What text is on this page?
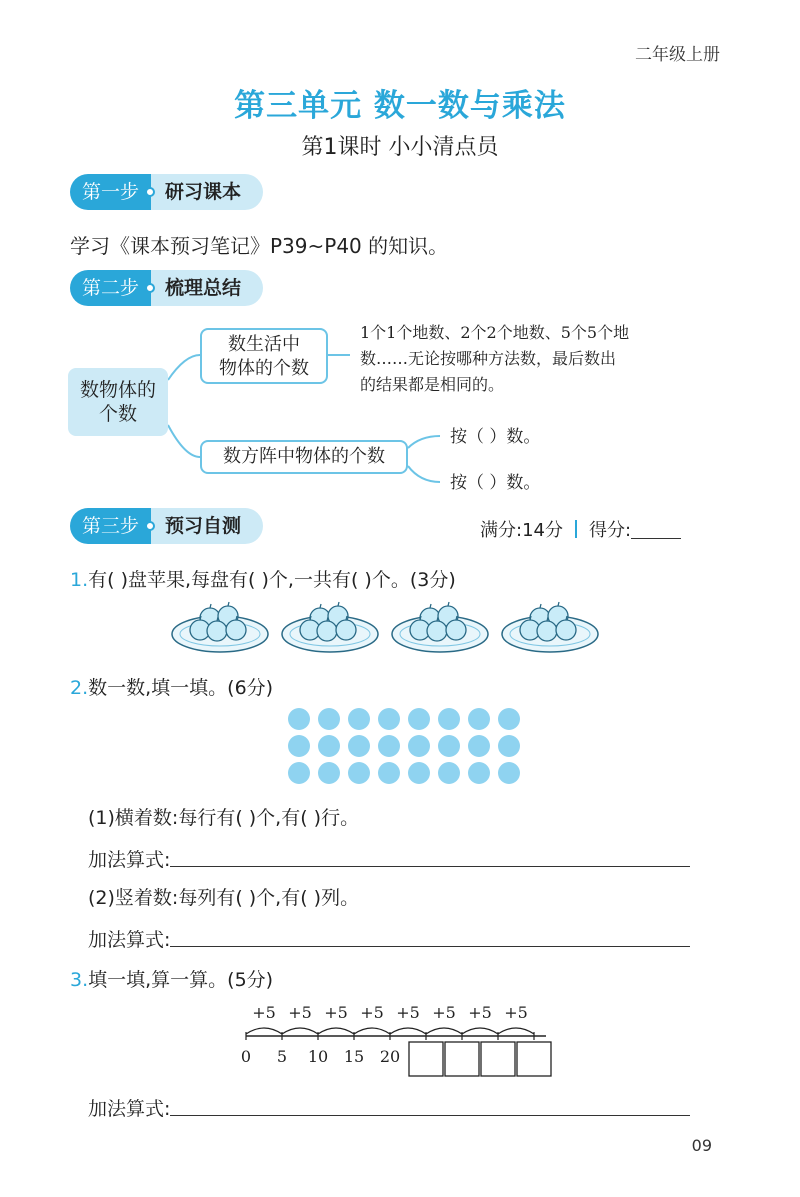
二年级上册
第三单元 数一数与乘法
第1课时 小小清点员
第一步	研习课本
学习《课本预习笔记》P39~P40 的知识。
第二步	梳理总结
数物体的
个数
数生活中
物体的个数
1个1个地数、2个2个地数、5个5个地
数……无论按哪种方法数，最后数出
的结果都是相同的。
数方阵中物体的个数
按（ ）数。
按（ ）数。
第三步	预习自测	满分:14分 得分:
1.有( )盘苹果,每盘有( )个,一共有( )个。(3分)
2.数一数,填一填。(6分)
(1)横着数:每行有( )个,有( )行。
加法算式:
(2)竖着数:每列有( )个,有( )列。
加法算式:
3.填一填,算一算。(5分)
+5 +5 +5 +5 +5 +5 +5 +5
0 5 10 15 20
加法算式:
09
